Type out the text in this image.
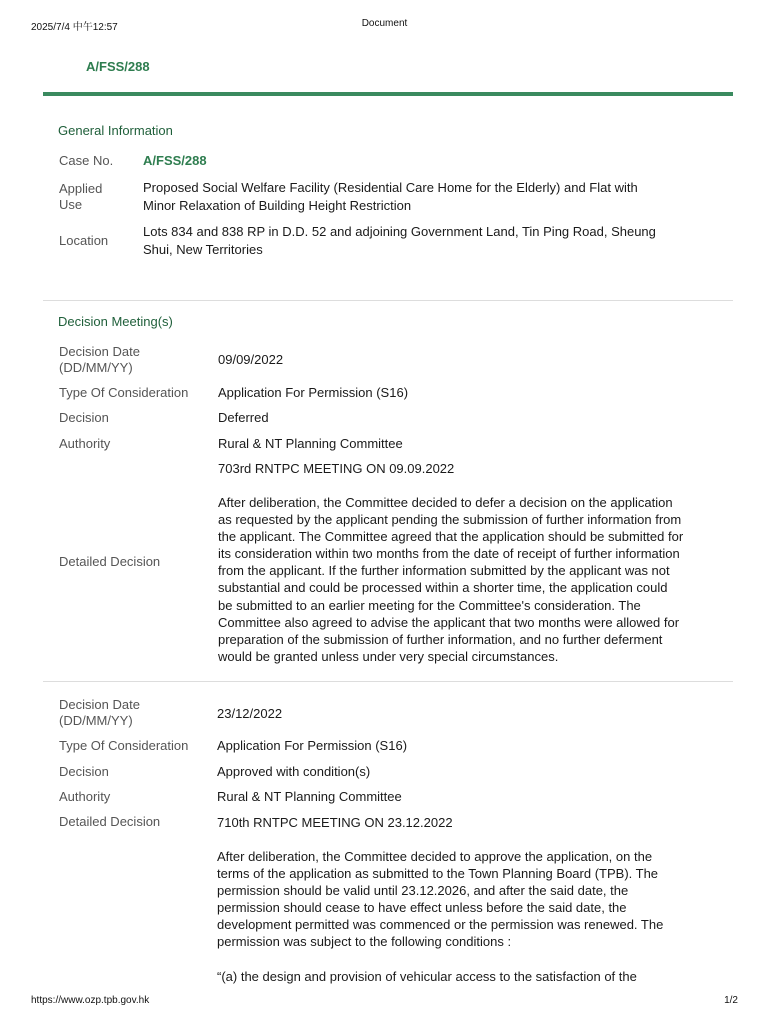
2025/7/4 中午12:57	Document
A/FSS/288
General Information
Case No. A/FSS/288
Applied
Use
Proposed Social Welfare Facility (Residential Care Home for the Elderly) and Flat with
Minor Relaxation of Building Height Restriction
Location
Lots 834 and 838 RP in D.D. 52 and adjoining Government Land, Tin Ping Road, Sheung
Shui, New Territories
Decision Meeting(s)
Decision Date
(DD/MM/YY)
09/09/2022
Type Of Consideration Application For Permission (S16)
Decision	Deferred
Authority	Rural & NT Planning Committee
703rd RNTPC MEETING ON 09.09.2022
Detailed Decision
After deliberation, the Committee decided to defer a decision on the application
as requested by the applicant pending the submission of further information from
the applicant. The Committee agreed that the application should be submitted for
its consideration within two months from the date of receipt of further information
from the applicant. If the further information submitted by the applicant was not
substantial and could be processed within a shorter time, the application could
be submitted to an earlier meeting for the Committee's consideration. The
Committee also agreed to advise the applicant that two months were allowed for
preparation of the submission of further information, and no further deferment
would be granted unless under very special circumstances.
Decision Date
(DD/MM/YY)	23/12/2022
Type Of Consideration Application For Permission (S16)
Decision	Approved with condition(s)
Authority	Rural & NT Planning Committee
Detailed Decision	710th RNTPC MEETING ON 23.12.2022
After deliberation, the Committee decided to approve the application, on the
terms of the application as submitted to the Town Planning Board (TPB). The
permission should be valid until 23.12.2026, and after the said date, the
permission should cease to have effect unless before the said date, the
development permitted was commenced or the permission was renewed. The
permission was subject to the following conditions :
“(a) the design and provision of vehicular access to the satisfaction of the
https://www.ozp.tpb.gov.hk	1/2
